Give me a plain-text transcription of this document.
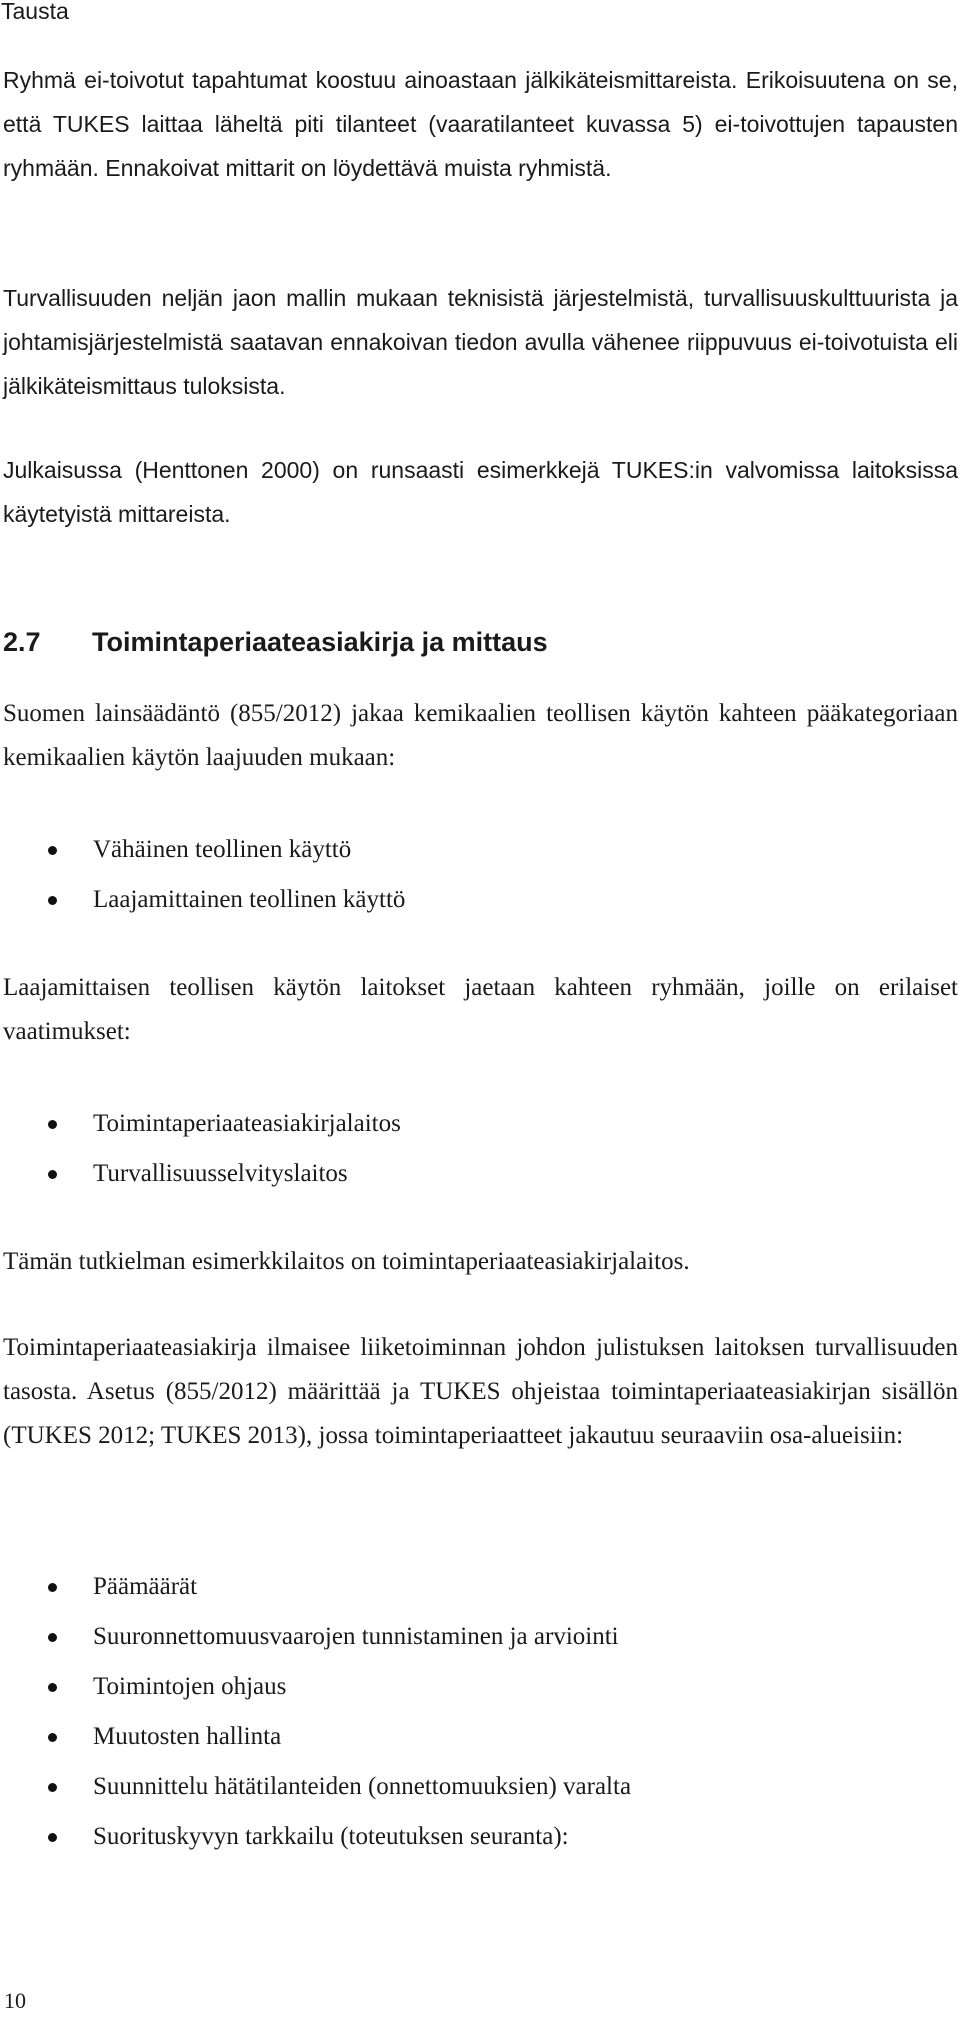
Tausta

Ryhmä ei-toivotut tapahtumat koostuu ainoastaan jälkikäteismittareista. Erikoisuutena on se, että TUKES laittaa läheltä piti tilanteet (vaaratilanteet kuvassa 5) ei-toivottujen tapausten ryhmään. Ennakoivat mittarit on löydettävä muista ryhmistä.

Turvallisuuden neljän jaon mallin mukaan teknisistä järjestelmistä, turvallisuuskulttuurista ja johtamisjärjestelmistä saatavan ennakoivan tiedon avulla vähenee riippuvuus ei-toivotuista eli jälkikäteismittaus tuloksista.

Julkaisussa (Henttonen 2000) on runsaasti esimerkkejä TUKES:in valvomissa laitoksissa käytetyistä mittareista.

2.7 Toimintaperiaateasiakirja ja mittaus

Suomen lainsäädäntö (855/2012) jakaa kemikaalien teollisen käytön kahteen pääkategoriaan kemikaalien käytön laajuuden mukaan:

Vähäinen teollinen käyttö
Laajamittainen teollinen käyttö

Laajamittaisen teollisen käytön laitokset jaetaan kahteen ryhmään, joille on erilaiset vaatimukset:

Toimintaperiaateasiakirjalaitos
Turvallisuusselvityslaitos

Tämän tutkielman esimerkkilaitos on toimintaperiaateasiakirjalaitos.

Toimintaperiaateasiakirja ilmaisee liiketoiminnan johdon julistuksen laitoksen turvallisuuden tasosta. Asetus (855/2012) määrittää ja TUKES ohjeistaa toimintaperiaateasiakirjan sisällön (TUKES 2012; TUKES 2013), jossa toimintaperiaatteet jakautuu seuraaviin osa-alueisiin:

Päämäärät
Suuronnettomuusvaarojen tunnistaminen ja arviointi
Toimintojen ohjaus
Muutosten hallinta
Suunnittelu hätätilanteiden (onnettomuuksien) varalta
Suorituskyvyn tarkkailu (toteutuksen seuranta):
10
